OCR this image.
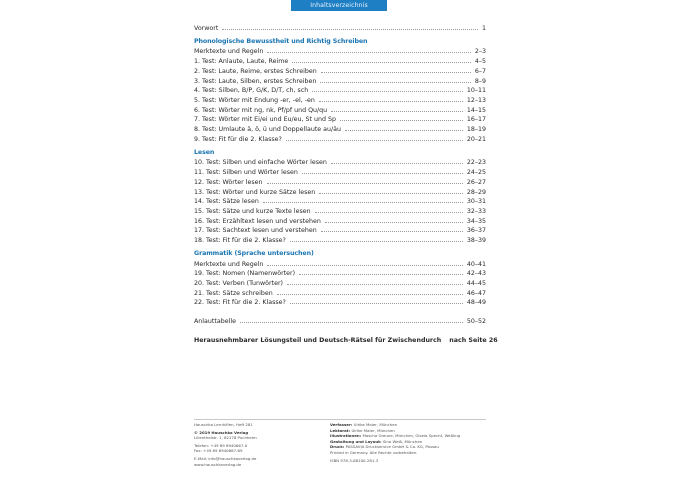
Inhaltsverzeichnis
Vorwort	1
Phonologische Bewusstheit und Richtig Schreiben
Merktexte und Regeln	2–3
1. Test: Anlaute, Laute, Reime	4–5
2. Test: Laute, Reime, erstes Schreiben	6–7
3. Test: Laute, Silben, erstes Schreiben	8–9
4. Test: Silben, B/P, G/K, D/T, ch, sch	10–11
5. Test: Wörter mit Endung -er, -el, -en	12–13
6. Test: Wörter mit ng, nk, Pf/pf und Qu/qu	14–15
7. Test: Wörter mit Ei/ei und Eu/eu, St und Sp	16–17
8. Test: Umlaute ä, ö, ü und Doppellaute au/äu	18–19
9. Test: Fit für die 2. Klasse?	20–21
Lesen
10. Test: Silben und einfache Wörter lesen	22–23
11. Test: Silben und Wörter lesen	24–25
12. Test: Wörter lesen	26–27
13. Test: Wörter und kurze Sätze lesen	28–29
14. Test: Sätze lesen	30–31
15. Test: Sätze und kurze Texte lesen	32–33
16. Test: Erzähltext lesen und verstehen	34–35
17. Test: Sachtext lesen und verstehen	36–37
18. Test: Fit für die 2. Klasse?	38–39
Grammatik (Sprache untersuchen)
Merktexte und Regeln	40–41
19. Test: Nomen (Namenwörter)	42–43
20. Test: Verben (Tunwörter)	44–45
21. Test: Sätze schreiben	46–47
22. Test: Fit für die 2. Klasse?	48–49
Anlauttabelle	50–52
Herausnehmbarer Lösungsteil und Deutsch-Rätsel für Zwischendurch	nach Seite 26
Hauschka Lernhilfen, Heft 281
© 2019 Hauschka Verlag
Lilienthalstr. 1, 82178 Puchheim
Telefon: +49 89 8940667-0
Fax: +49 89 8940667-69
E-Mail: info@hauschkaverlag.de
www.hauschkaverlag.de
Verfasser: Ulrike Maier, München
Lektorat: Ulrike Maier, München
Illustrationen: Mascha Greune, München, Gisela Specht, Weßling
Gestaltung und Layout: Sina Weiß, München
Druck: PASSAVIA Druckservice GmbH & Co. KG, Passau
Printed in Germany. Alle Rechte vorbehalten.
ISBN 978-3-88100-281-3
